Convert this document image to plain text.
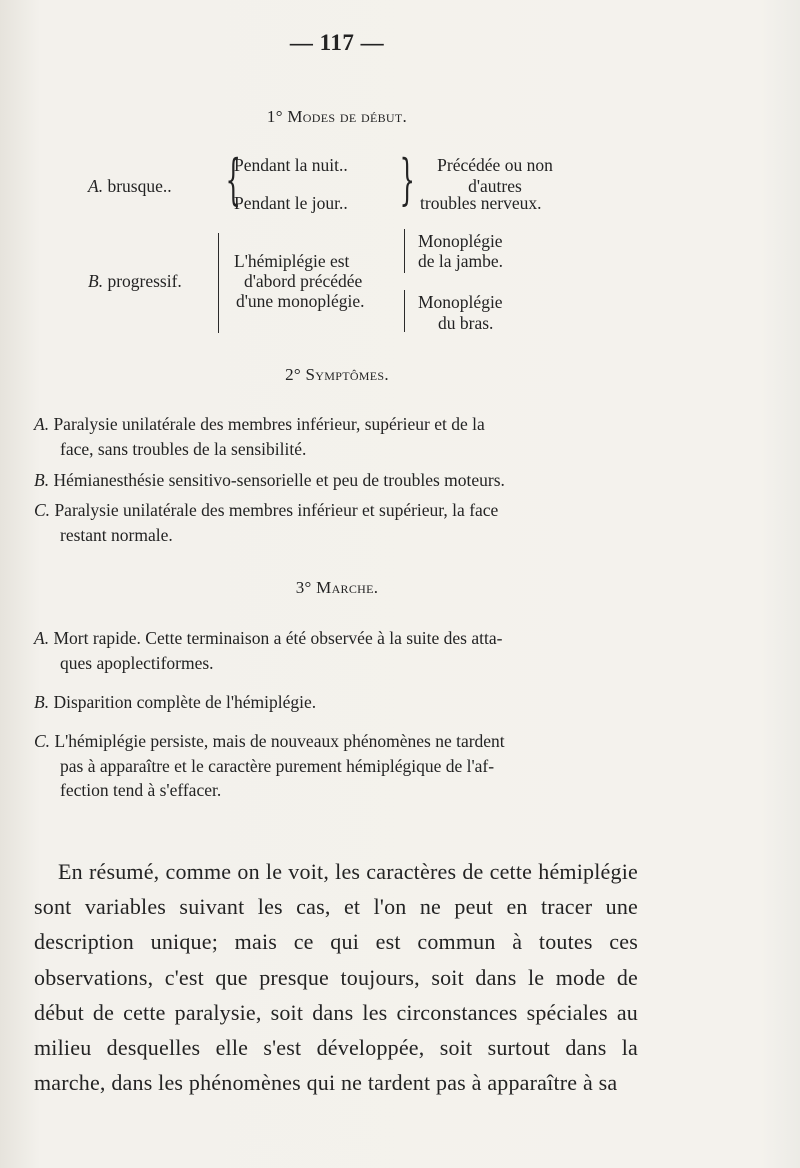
— 117 —
1° Modes de début.
A. brusque.. {
Pendant la nuit..
Pendant le jour.. }	Précédée ou non
d'autres
troubles nerveux.
B. progressif.
L'hémiplégie est
d'abord précédée
d'une monoplégie.
Monoplégie
de la jambe.
Monoplégie
du bras.
2° Symptômes.
A. Paralysie unilatérale des membres inférieur, supérieur et de la
face, sans troubles de la sensibilité.
B. Hémianesthésie sensitivo-sensorielle et peu de troubles moteurs.
C. Paralysie unilatérale des membres inférieur et supérieur, la face
restant normale.
3° Marche.
A. Mort rapide. Cette terminaison a été observée à la suite des atta-
ques apoplectiformes.
B. Disparition complète de l'hémiplégie.
C. L'hémiplégie persiste, mais de nouveaux phénomènes ne tardent
pas à apparaître et le caractère purement hémiplégique de l'af-
fection tend à s'effacer.
En résumé, comme on le voit, les caractères de cette hémiplégie sont variables suivant les cas, et l'on ne peut en tracer une description unique; mais ce qui est commun à toutes ces observations, c'est que presque toujours, soit dans le mode de début de cette paralysie, soit dans les circonstances spéciales au milieu desquelles elle s'est développée, soit surtout dans la marche, dans les phénomènes qui ne tardent pas à apparaître à sa
